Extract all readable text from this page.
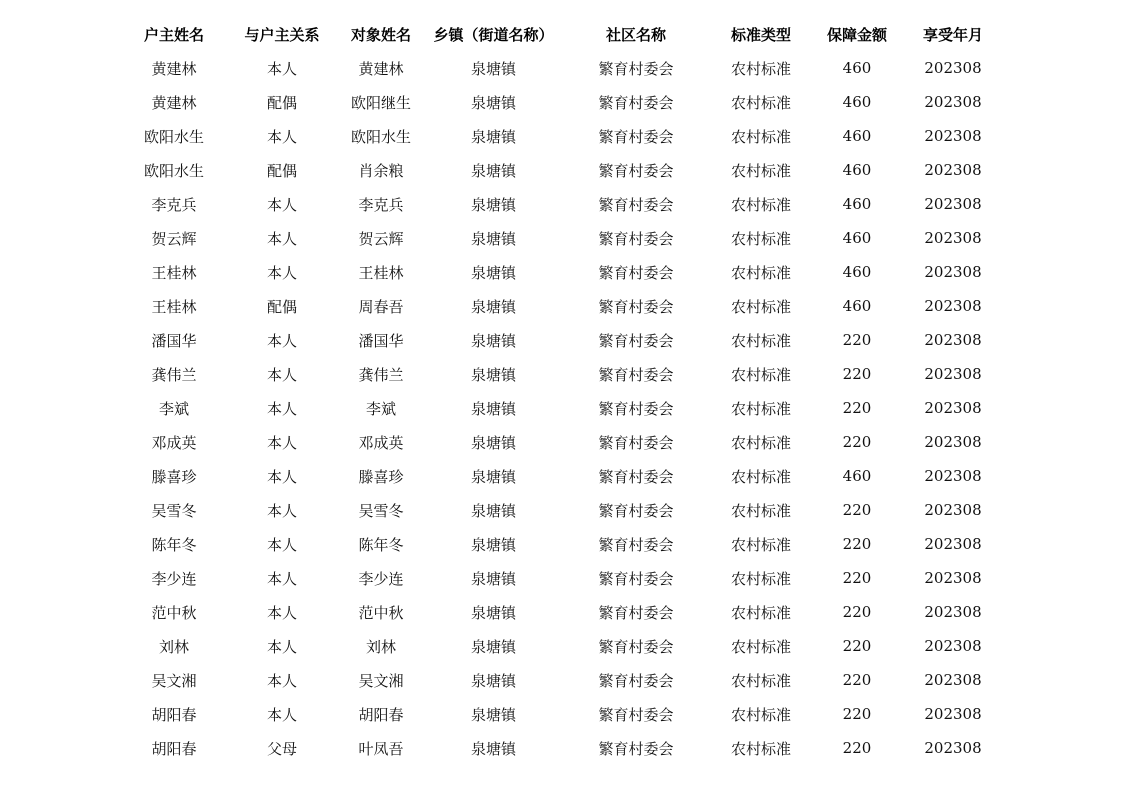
户主姓名	与户主关系	对象姓名	乡镇（街道名称）	社区名称	标准类型	保障金额	享受年月
黄建林	本人	黄建林	泉塘镇	繁育村委会	农村标准	460	202308
黄建林	配偶	欧阳继生	泉塘镇	繁育村委会	农村标准	460	202308
欧阳水生	本人	欧阳水生	泉塘镇	繁育村委会	农村标准	460	202308
欧阳水生	配偶	肖余粮	泉塘镇	繁育村委会	农村标准	460	202308
李克兵	本人	李克兵	泉塘镇	繁育村委会	农村标准	460	202308
贺云辉	本人	贺云辉	泉塘镇	繁育村委会	农村标准	460	202308
王桂林	本人	王桂林	泉塘镇	繁育村委会	农村标准	460	202308
王桂林	配偶	周春吾	泉塘镇	繁育村委会	农村标准	460	202308
潘国华	本人	潘国华	泉塘镇	繁育村委会	农村标准	220	202308
龚伟兰	本人	龚伟兰	泉塘镇	繁育村委会	农村标准	220	202308
李斌	本人	李斌	泉塘镇	繁育村委会	农村标准	220	202308
邓成英	本人	邓成英	泉塘镇	繁育村委会	农村标准	220	202308
滕喜珍	本人	滕喜珍	泉塘镇	繁育村委会	农村标准	460	202308
吴雪冬	本人	吴雪冬	泉塘镇	繁育村委会	农村标准	220	202308
陈年冬	本人	陈年冬	泉塘镇	繁育村委会	农村标准	220	202308
李少连	本人	李少连	泉塘镇	繁育村委会	农村标准	220	202308
范中秋	本人	范中秋	泉塘镇	繁育村委会	农村标准	220	202308
刘林	本人	刘林	泉塘镇	繁育村委会	农村标准	220	202308
吴文湘	本人	吴文湘	泉塘镇	繁育村委会	农村标准	220	202308
胡阳春	本人	胡阳春	泉塘镇	繁育村委会	农村标准	220	202308
胡阳春	父母	叶凤吾	泉塘镇	繁育村委会	农村标准	220	202308
